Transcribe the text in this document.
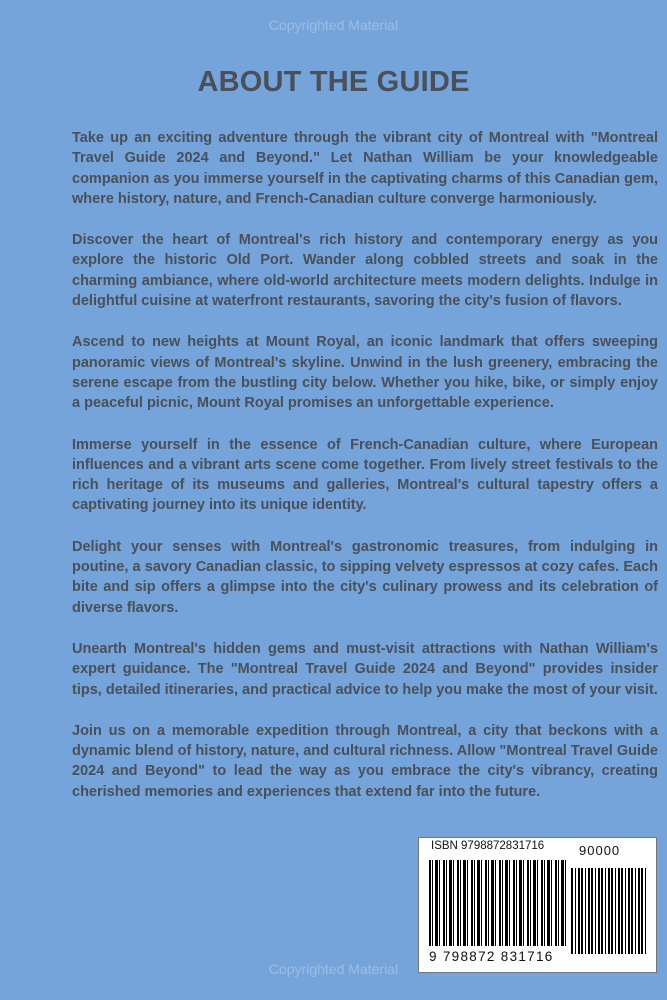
Copyrighted Material
ABOUT THE GUIDE

Take up an exciting adventure through the vibrant city of Montreal with "Montreal Travel Guide 2024 and Beyond." Let Nathan William be your knowledgeable companion as you immerse yourself in the captivating charms of this Canadian gem, where history, nature, and French-Canadian culture converge harmoniously.

Discover the heart of Montreal's rich history and contemporary energy as you explore the historic Old Port. Wander along cobbled streets and soak in the charming ambiance, where old-world architecture meets modern delights. Indulge in delightful cuisine at waterfront restaurants, savoring the city's fusion of flavors.

Ascend to new heights at Mount Royal, an iconic landmark that offers sweeping panoramic views of Montreal's skyline. Unwind in the lush greenery, embracing the serene escape from the bustling city below. Whether you hike, bike, or simply enjoy a peaceful picnic, Mount Royal promises an unforgettable experience.

Immerse yourself in the essence of French-Canadian culture, where European influences and a vibrant arts scene come together. From lively street festivals to the rich heritage of its museums and galleries, Montreal's cultural tapestry offers a captivating journey into its unique identity.

Delight your senses with Montreal's gastronomic treasures, from indulging in poutine, a savory Canadian classic, to sipping velvety espressos at cozy cafes. Each bite and sip offers a glimpse into the city's culinary prowess and its celebration of diverse flavors.

Unearth Montreal's hidden gems and must-visit attractions with Nathan William's expert guidance. The "Montreal Travel Guide 2024 and Beyond" provides insider tips, detailed itineraries, and practical advice to help you make the most of your visit.

Join us on a memorable expedition through Montreal, a city that beckons with a dynamic blend of history, nature, and cultural richness. Allow "Montreal Travel Guide 2024 and Beyond" to lead the way as you embrace the city's vibrancy, creating cherished memories and experiences that extend far into the future.

ISBN 9798872831716	90000
9 798872 831716
Copyrighted Material
